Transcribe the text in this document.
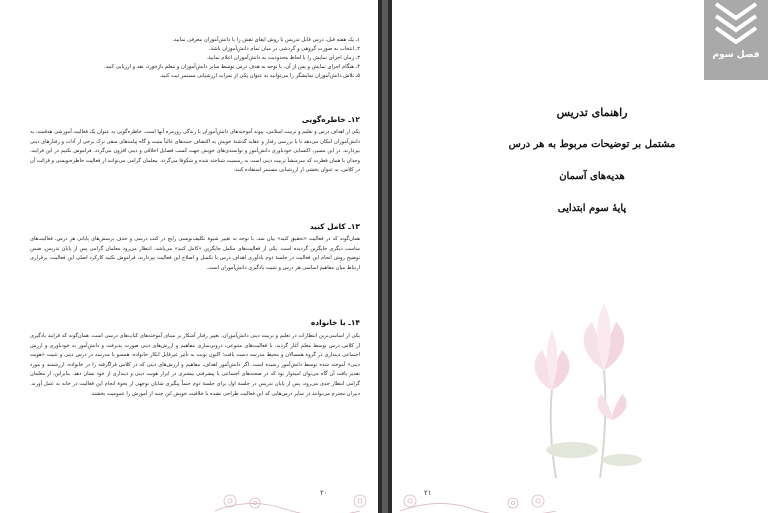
۱ـ یک هفته قبل، درس قابل تدریس با روش ایفای نقش را با دانش‌آموزان معرفی نمایید.
۲ـ انتخاب به صورت گروهی و گردشی در میان تمام دانش‌آموزان باشد.
۳ـ زمان اجرای نمایش را با لحاظ محدودیت به دانش‌آموزان اعلام نمایید.
۴ـ هنگام اجرای نمایش و پس از آن، با توجه به هدف درس توسط سایر دانش‌آموزان و معلم بازخورد، نقد و ارزیابی کنید.
۵ـ تلاش دانش‌آموزان نمایشگر را می‌توانید به عنوان یکی از نمرات ارزشیابی مستمر ثبت کنید.
۱۲ـ خاطره‌گویی
یکی از اهداف درس و تعلیم و تربیت اسلامی، پیوند آموخته‌های دانش‌آموزان با زندگی روزمره آنها است. خاطره‌گویی به عنوان یک فعالیت آموزشی هدفمند، به دانش‌آموزان امکان می‌دهد تا با بررسی رفتار و عقاید گذشتهٔ خویش به اکتشاف جنبه‌های غالباً مثبت و گاه پیامدهای منفی ترک برخی از آداب و رفتارهای دینی بپردازند. در این مسیر، اکتسابی خودباوری دانش‌آموز و توانمندی‌های خویش جهت کسب فضایل اخلاقی و دینی افزون می‌گردد. فراموش نکنیم در این فرایند، وجدان یا همان فطرت که سرمنشأ تربیت دینی است به رسمیت شناخته شده و شکوفا می‌گردد. معلمان گرامی می‌توانند از فعالیت خاطره‌نویسی و قرائت آن در کلاس، به عنوان بخشی از ارزشیابی مستمر استفاده کنند.
۱۳ـ کامل کنید
همان‌گونه که در فعالیت «تحقیق کنید» بیان شد، با توجه به تغییر شیوهٔ تکلیف‌نویسی رایج در کتب درسی و حذف پرسش‌های پایانی هر درس، فعالیت‌های مناسب دیگری جایگزین گردیده است. یکی از فعالیت‌های مکمل جایگزین «کامل کنید» می‌باشد. انتظار می‌رود معلمان گرامی پس از پایان تدریس، ضمن توضیح روش انجام این فعالیت در جلسهٔ دوم یادآوری اهداف درس با تکمیل و اصلاح این فعالیت بپردازند، فراموش نکنید کارکرد اصلی این فعالیت، برقراری ارتباط میان مفاهیم اساسی هر درس و تثبیت یادگیری دانش‌آموزان است.
۱۴ـ با خانواده
یکی از اساسی‌ترین انتظارات در تعلیم و تربیت دینی دانش‌آموزان، تغییر رفتار آشکار بر مبنای آموخته‌های کتاب‌های درسی است. همان‌گونه که فرایند یادگیری از کلاس درس توسط معلم آغاز گردید، با فعالیت‌های متنوعی، درونی‌سازی مفاهیم و ارزش‌های دینی صورت پذیرفت و دانش‌آموز به خودباوری و ارزش اجتماعی دینداری در گروه همسالان و محیط مدرسه دست یافت؛ اکنون نوبت به تأثیر غیرقابل انکار خانواده، همسو با مدرسه در درس دینی و تثبیت «هویت دینی» آموخته شده توسط دانش‌آموز رسیده است. اگر دانش‌آموز اهداف، مفاهیم و ارزش‌های دینی که در کلاس فراگرفته را در خانواده، ارزشمند و مورد تقدیر یافت آن گاه می‌توان امیدوار بود که در صحنه‌های اجتماعی با پیشرفتی بیشتری در ابراز هویت دینی و دینداری از خود نشان دهد. بنابراین، از معلمان گرامی انتظار جدی می‌رود، پس از پایان تدریس در جلسهٔ اول برای جلسهٔ دوم حتماً پیگیری شایان توجهی از نحوهٔ انجام این فعالیت در خانه به عمل آورند. دبیران محترم می‌توانند در سایر درس‌هایی که این فعالیت طراحی نشده با خلاقیت خویش این جنبه از آموزش را عمومیت بخشند.
۲۰
فصل سوم
راهنمای تدریس
مشتمل بر توضیحات مربوط به هر درس
هدیه‌های آسمان
پایهٔ سوم ابتدایی
۲۱
